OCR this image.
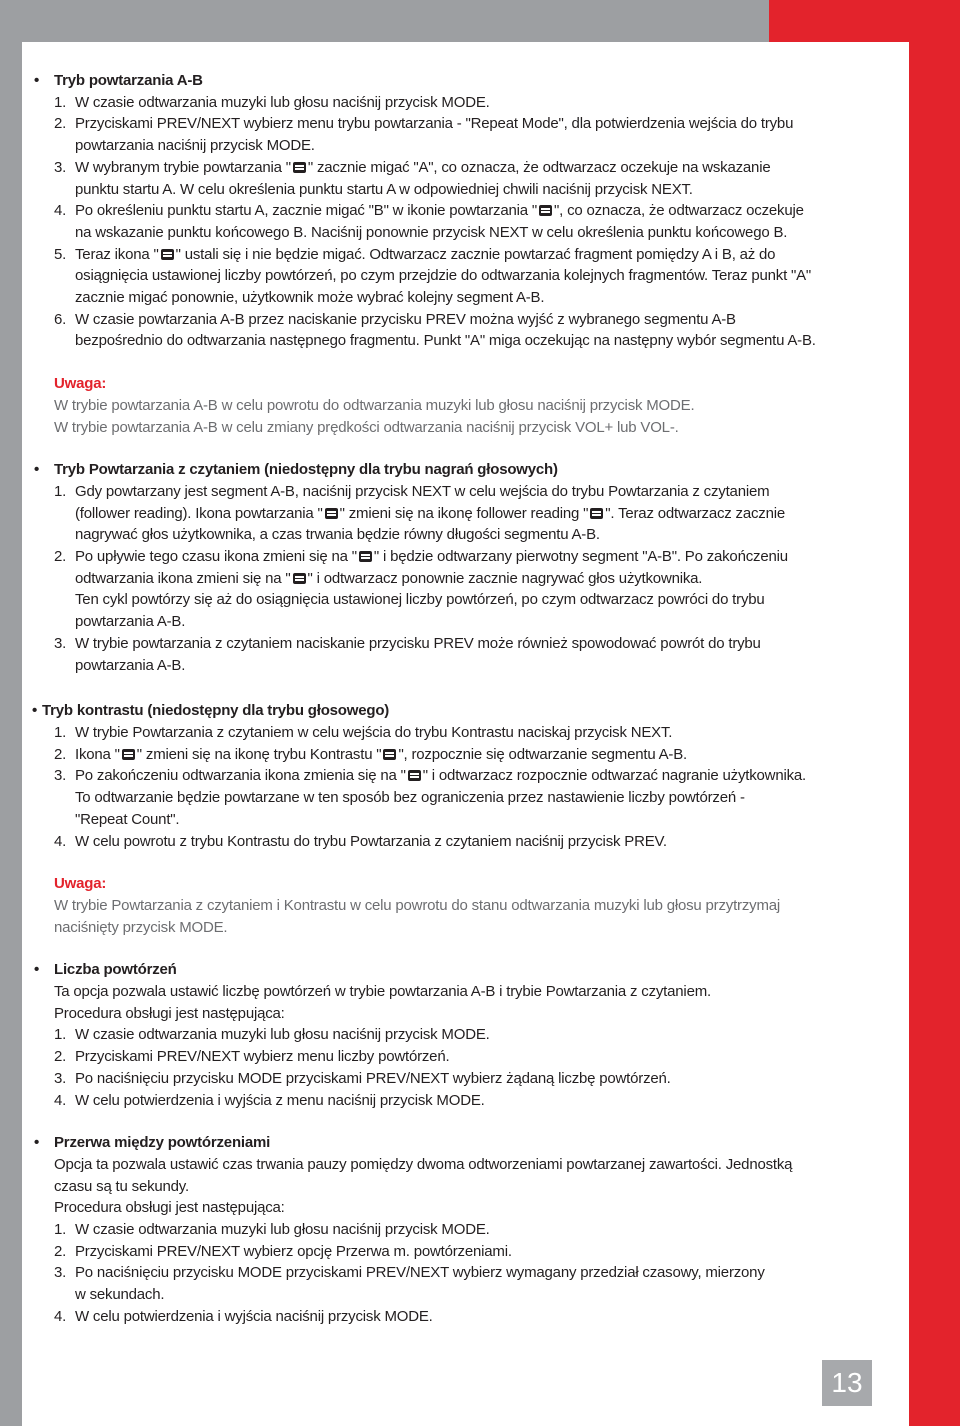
• Tryb powtarzania A-B
1. W czasie odtwarzania muzyki lub głosu naciśnij przycisk MODE.
2. Przyciskami PREV/NEXT wybierz menu trybu powtarzania - "Repeat Mode", dla potwierdzenia wejścia do trybu
powtarzania naciśnij przycisk MODE.
3. W wybranym trybie powtarzania " " zacznie migać "A", co oznacza, że odtwarzacz oczekuje na wskazanie
punktu startu A. W celu określenia punktu startu A w odpowiedniej chwili naciśnij przycisk NEXT.
4. Po określeniu punktu startu A, zacznie migać "B" w ikonie powtarzania " ", co oznacza, że odtwarzacz oczekuje
na wskazanie punktu końcowego B. Naciśnij ponownie przycisk NEXT w celu określenia punktu końcowego B.
5. Teraz ikona " " ustali się i nie będzie migać. Odtwarzacz zacznie powtarzać fragment pomiędzy A i B, aż do
osiągnięcia ustawionej liczby powtórzeń, po czym przejdzie do odtwarzania kolejnych fragmentów. Teraz punkt "A"
zacznie migać ponownie, użytkownik może wybrać kolejny segment A-B.
6. W czasie powtarzania A-B przez naciskanie przycisku PREV można wyjść z wybranego segmentu A-B
bezpośrednio do odtwarzania następnego fragmentu. Punkt "A" miga oczekując na następny wybór segmentu A-B.
Uwaga:
W trybie powtarzania A-B w celu powrotu do odtwarzania muzyki lub głosu naciśnij przycisk MODE.
W trybie powtarzania A-B w celu zmiany prędkości odtwarzania naciśnij przycisk VOL+ lub VOL-.
• Tryb Powtarzania z czytaniem (niedostępny dla trybu nagrań głosowych)
1. Gdy powtarzany jest segment A-B, naciśnij przycisk NEXT w celu wejścia do trybu Powtarzania z czytaniem
(follower reading). Ikona powtarzania " " zmieni się na ikonę follower reading " ". Teraz odtwarzacz zacznie
nagrywać głos użytkownika, a czas trwania będzie równy długości segmentu A-B.
2. Po upływie tego czasu ikona zmieni się na " " i będzie odtwarzany pierwotny segment "A-B". Po zakończeniu
odtwarzania ikona zmieni się na " " i odtwarzacz ponownie zacznie nagrywać głos użytkownika.
Ten cykl powtórzy się aż do osiągnięcia ustawionej liczby powtórzeń, po czym odtwarzacz powróci do trybu
powtarzania A-B.
3. W trybie powtarzania z czytaniem naciskanie przycisku PREV może również spowodować powrót do trybu
powtarzania A-B.
• Tryb kontrastu (niedostępny dla trybu głosowego)
1. W trybie Powtarzania z czytaniem w celu wejścia do trybu Kontrastu naciskaj przycisk NEXT.
2. Ikona " " zmieni się na ikonę trybu Kontrastu " ", rozpocznie się odtwarzanie segmentu A-B.
3. Po zakończeniu odtwarzania ikona zmienia się na " " i odtwarzacz rozpocznie odtwarzać nagranie użytkownika.
To odtwarzanie będzie powtarzane w ten sposób bez ograniczenia przez nastawienie liczby powtórzeń -
"Repeat Count".
4. W celu powrotu z trybu Kontrastu do trybu Powtarzania z czytaniem naciśnij przycisk PREV.
Uwaga:
W trybie Powtarzania z czytaniem i Kontrastu w celu powrotu do stanu odtwarzania muzyki lub głosu przytrzymaj
naciśnięty przycisk MODE.
• Liczba powtórzeń
Ta opcja pozwala ustawić liczbę powtórzeń w trybie powtarzania A-B i trybie Powtarzania z czytaniem.
Procedura obsługi jest następująca:
1. W czasie odtwarzania muzyki lub głosu naciśnij przycisk MODE.
2. Przyciskami PREV/NEXT wybierz menu liczby powtórzeń.
3. Po naciśnięciu przycisku MODE przyciskami PREV/NEXT wybierz żądaną liczbę powtórzeń.
4. W celu potwierdzenia i wyjścia z menu naciśnij przycisk MODE.
• Przerwa między powtórzeniami
Opcja ta pozwala ustawić czas trwania pauzy pomiędzy dwoma odtworzeniami powtarzanej zawartości. Jednostką
czasu są tu sekundy.
Procedura obsługi jest następująca:
1. W czasie odtwarzania muzyki lub głosu naciśnij przycisk MODE.
2. Przyciskami PREV/NEXT wybierz opcję Przerwa m. powtórzeniami.
3. Po naciśnięciu przycisku MODE przyciskami PREV/NEXT wybierz wymagany przedział czasowy, mierzony
w sekundach.
4. W celu potwierdzenia i wyjścia naciśnij przycisk MODE.
13
